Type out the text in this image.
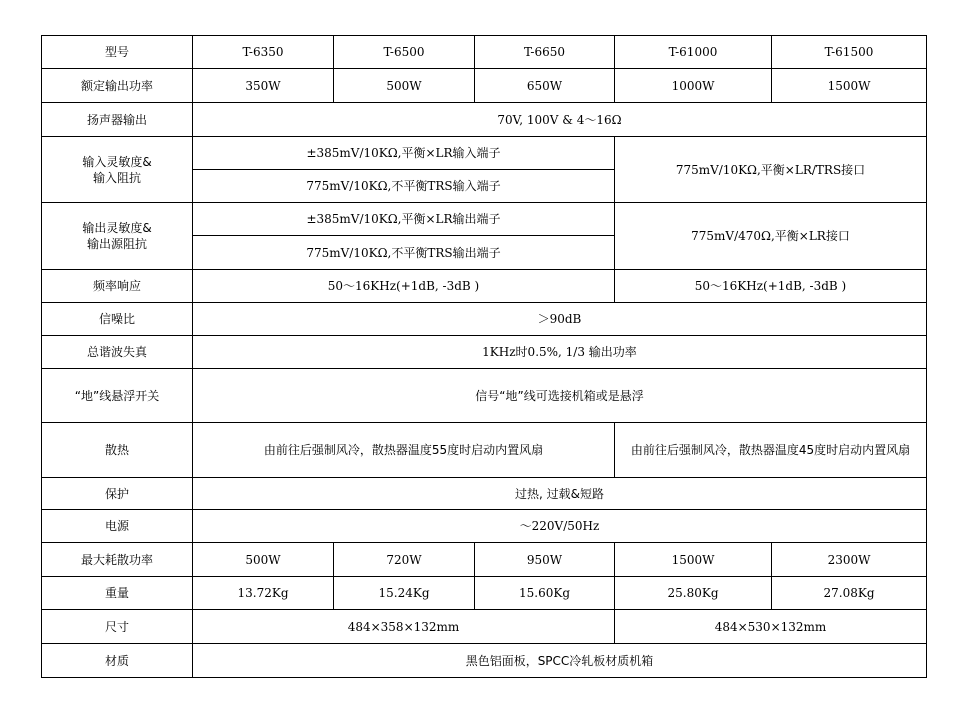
型号	T-6350	T-6500	T-6650	T-61000	T-61500
额定输出功率	350W	500W	650W	1000W	1500W
扬声器输出	70V, 100V & 4～16Ω				

输入灵敏度&
输入阻抗	±385mV/10KΩ,平衡×LR输入端子			775mV/10KΩ,平衡×LR/TRS接口	
	775mV/10KΩ,不平衡TRS输入端子				

输出灵敏度&
输出源阻抗	±385mV/10KΩ,平衡×LR输出端子			775mV/470Ω,平衡×LR接口	
	775mV/10KΩ,不平衡TRS输出端子				
频率响应	50～16KHz(+1dB, -3dB )			50～16KHz(+1dB, -3dB )	
信噪比	＞90dB				
总谐波失真	1KHz时0.5%, 1/3 输出功率				
“地”线悬浮开关	信号“地”线可选接机箱或是悬浮				
散热	由前往后强制风冷，散热器温度55度时启动内置风扇			由前往后强制风冷，散热器温度45度时启动内置风扇	
保护	过热, 过载&短路				
电源	～220V/50Hz				
最大耗散功率	500W	720W	950W	1500W	2300W
重量	13.72Kg	15.24Kg	15.60Kg	25.80Kg	27.08Kg
尺寸	484×358×132mm			484×530×132mm	
材质	黑色铝面板，SPCC冷轧板材质机箱				
